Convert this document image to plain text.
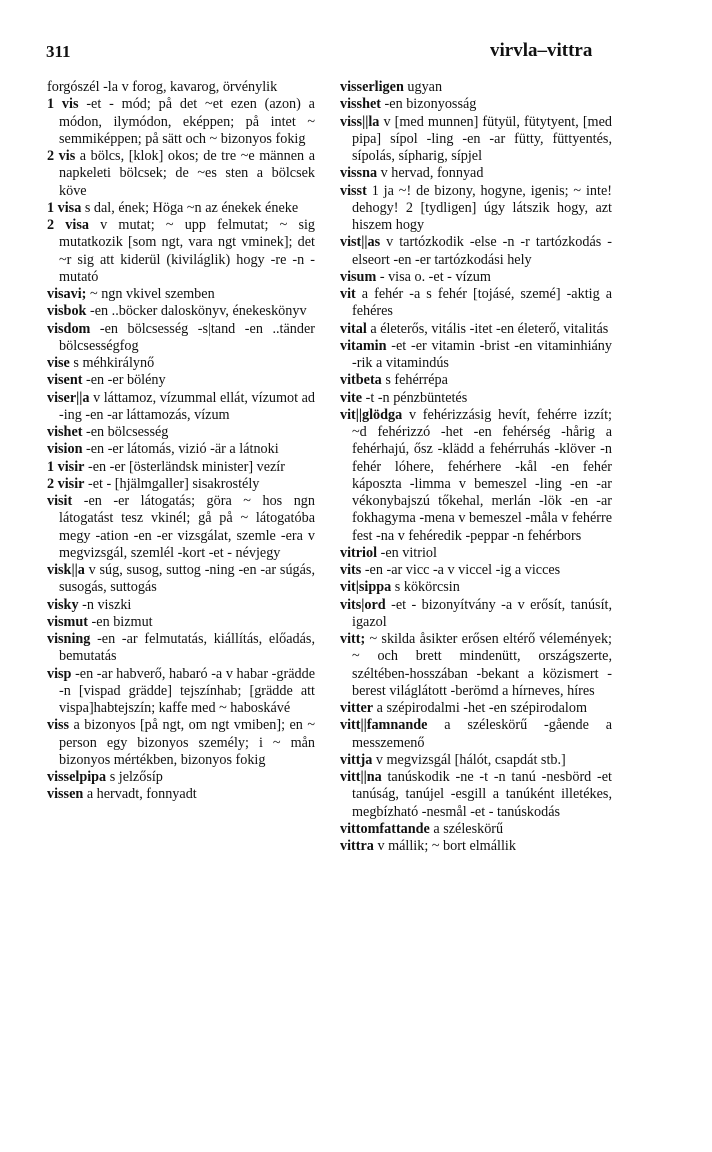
311	virvla–vittra

forgószél -la v forog, kavarog, örvénylik

1 vis -et - mód; på det ~et ezen (azon) a módon, ilymódon, eképpen; på intet ~ semmiképpen; på sätt och ~ bizonyos fokig

2 vis a bölcs, [klok] okos; de tre ~e männen a napkeleti bölcsek; de ~es sten a bölcsek köve

1 visa s dal, ének; Höga ~n az énekek éneke

2 visa v mutat; ~ upp felmutat; ~ sig mutatkozik [som ngt, vara ngt vminek]; det ~r sig att kiderül (kiviláglik) hogy -re -n - mutató

visavi; ~ ngn vkivel szemben

visbok -en ..böcker daloskönyv, énekeskönyv

visdom -en bölcsesség -s|tand -en ..tänder bölcsességfog

vise s méhkirálynő

visent -en -er bölény

viser||a v láttamoz, vízummal ellát, vízumot ad -ing -en -ar láttamozás, vízum

vishet -en bölcsesség

vision -en -er látomás, vizió -är a látnoki

1 visir -en -er [österländsk minister] vezír

2 visir -et - [hjälmgaller] sisakrostély

visit -en -er látogatás; göra ~ hos ngn látogatást tesz vkinél; gå på ~ látogatóba megy -ation -en -er vizsgálat, szemle -era v megvizsgál, szemlél -kort -et - névjegy

visk||a v súg, susog, suttog -ning -en -ar súgás, susogás, suttogás

visky -n viszki

vismut -en bizmut

visning -en -ar felmutatás, kiállítás, előadás, bemutatás

visp -en -ar habverő, habaró -a v habar -grädde -n [vispad grädde] tejszínhab; [grädde att vispa]habtejszín; kaffe med ~ haboskávé

viss a bizonyos [på ngt, om ngt vmiben]; en ~ person egy bizonyos személy; i ~ mån bizonyos mértékben, bizonyos fokig

visselpipa s jelzősíp

vissen a hervadt, fonnyadt

visserligen ugyan

visshet -en bizonyosság

viss||la v [med munnen] fütyül, fütytyent, [med pipa] sípol -ling -en -ar fütty, füttyentés, sípolás, sípharig, sípjel

vissna v hervad, fonnyad

visst 1 ja ~! de bizony, hogyne, igenis; ~ inte! dehogy! 2 [tydligen] úgy látszik hogy, azt hiszem hogy

vist||as v tartózkodik -else -n -r tartózkodás -elseort -en -er tartózkodási hely

visum - visa o. -et - vízum

vit a fehér -a s fehér [tojásé, szemé] -aktig a fehéres

vital a életerős, vitális -itet -en életerő, vitalitás

vitamin -et -er vitamin -brist -en vitaminhiány -rik a vitamindús

vitbeta s fehérrépa

vite -t -n pénzbüntetés

vit||glödga v fehérizzásig hevít, fehérre izzít; ~d fehérizzó -het -en fehérség -hårig a fehérhajú, ősz -klädd a fehérruhás -klöver -n fehér lóhere, fehérhere -kål -en fehér káposzta -limma v bemeszel -ling -en -ar vékonybajszú tőkehal, merlán -lök -en -ar fokhagyma -mena v bemeszel -måla v fehérre fest -na v fehéredik -peppar -n fehérbors

vitriol -en vitriol

vits -en -ar vicc -a v viccel -ig a vicces

vit|sippa s kökörcsin

vits|ord -et - bizonyítvány -a v erősít, tanúsít, igazol

vitt; ~ skilda åsikter erősen eltérő vélemények; ~ och brett mindenütt, országszerte, széltében-hosszában -bekant a közismert -berest világlátott -berömd a hírneves, híres

vitter a szépirodalmi -het -en szépirodalom

vitt||famnande a széleskörű -gående a messzemenő

vittja v megvizsgál [hálót, csapdát stb.]

vitt||na tanúskodik -ne -t -n tanú -nesbörd -et tanúság, tanújel -esgill a tanúként illetékes, megbízható -nesmål -et - tanúskodás

vittomfattande a széleskörű

vittra v mállik; ~ bort elmállik
